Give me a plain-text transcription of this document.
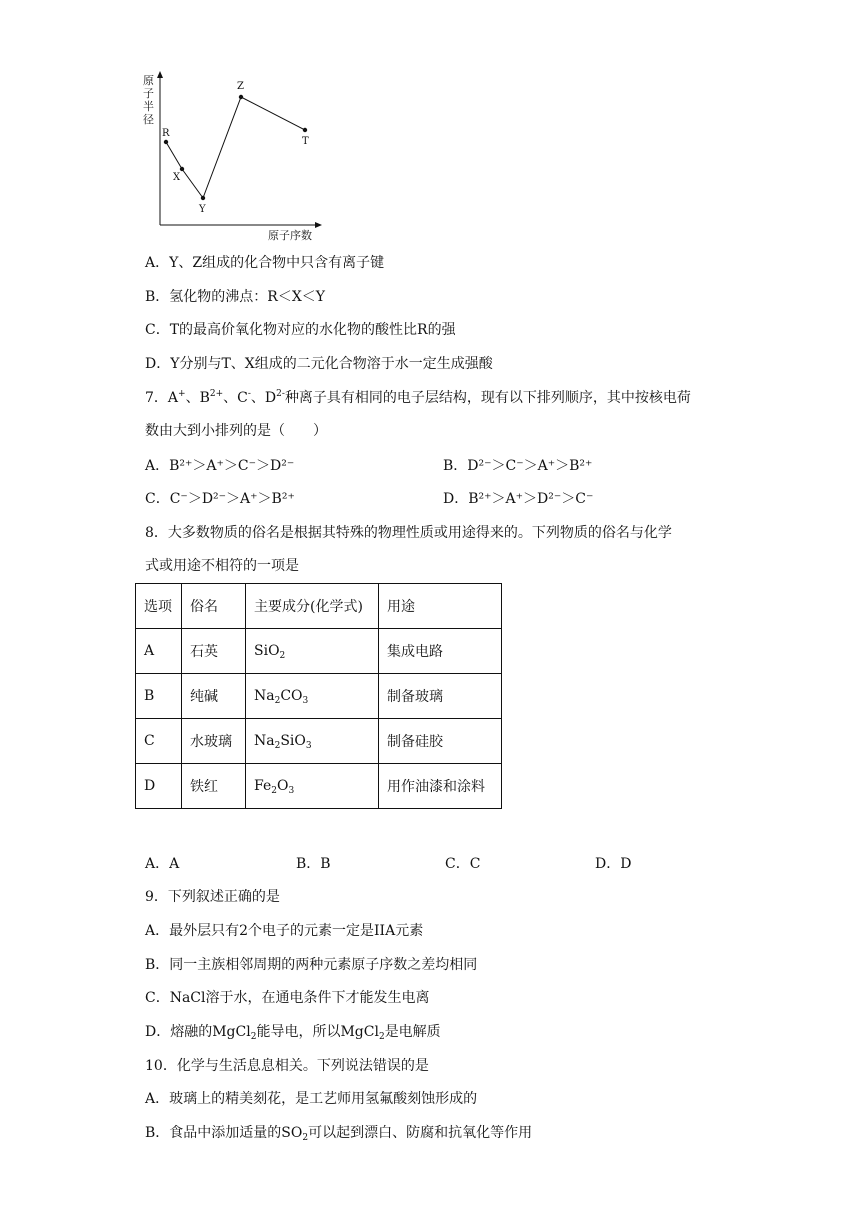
原
子
半
径
原子序数
R
X
Y
Z
T
A．Y、Z组成的化合物中只含有离子键
B．氢化物的沸点：R＜X＜Y
C．T的最高价氧化物对应的水化物的酸性比R的强
D．Y分别与T、X组成的二元化合物溶于水一定生成强酸
7．A+、$B^{2+}$、C-、$D^{2-}$种离子具有相同的电子层结构，现有以下排列顺序，其中按核电荷
数由大到小排列的是（　　）
A．B²⁺＞A⁺＞C⁻＞D²⁻	B．D²⁻＞C⁻＞A⁺＞B²⁺
C．C⁻＞D²⁻＞A⁺＞B²⁺	D．B²⁺＞A⁺＞D²⁻＞C⁻
8．大多数物质的俗名是根据其特殊的物理性质或用途得来的。下列物质的俗名与化学
式或用途不相符的一项是
选项	俗名	主要成分(化学式)	用途
A	石英	SiO$_2$	集成电路
B	纯碱	$Na_2CO_3$	制备玻璃
C	水玻璃	$Na_2SiO_3$	制备硅胶
D	铁红	$Fe_2O_3$	用作油漆和涂料
A．A	B．B	C．C	D．D
9．下列叙述正确的是
A．最外层只有2个电子的元素一定是IIA元素
B．同一主族相邻周期的两种元素原子序数之差均相同
C．NaCl溶于水，在通电条件下才能发生电离
D．熔融的MgCl$_2$能导电，所以MgCl$_2$是电解质
10．化学与生活息息相关。下列说法错误的是
A．玻璃上的精美刻花，是工艺师用氢氟酸刻蚀形成的
B．食品中添加适量的$SO_2$可以起到漂白、防腐和抗氧化等作用
